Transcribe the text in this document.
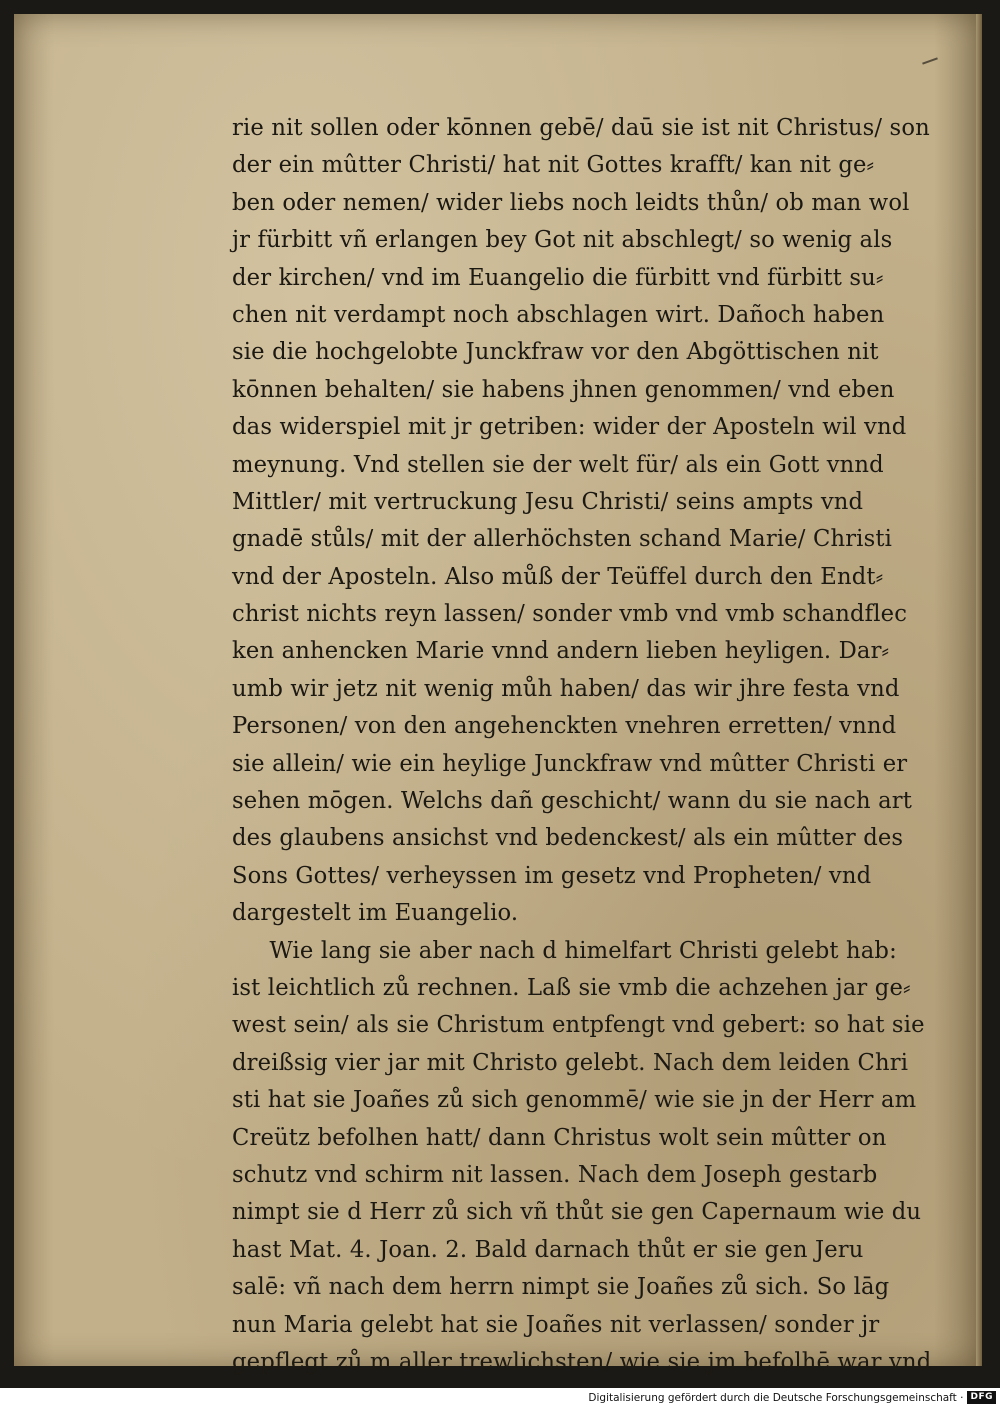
rie nit sollen oder kōnnen gebē/ daū sie ist nit Christus/ son
der ein mûtter Christi/ hat nit Gottes krafft/ kan nit ge⸗
ben oder nemen/ wider liebs noch leidts thůn/ ob man wol
jr fürbitt vñ erlangen bey Got nit abschlegt/ so wenig als
der kirchen/ vnd im Euangelio die fürbitt vnd fürbitt su⸗
chen nit verdampt noch abschlagen wirt. Dañoch haben
sie die hochgelobte Junckfraw vor den Abgöttischen nit
kōnnen behalten/ sie habens jhnen genommen/ vnd eben
das widerspiel mit jr getriben: wider der Aposteln wil vnd
meynung. Vnd stellen sie der welt für/ als ein Gott vnnd
Mittler/ mit vertruckung Jesu Christi/ seins ampts vnd
gnadē stůls/ mit der allerhöchsten schand Marie/ Christi
vnd der Aposteln. Also můß der Teüffel durch den Endt⸗
christ nichts reyn lassen/ sonder vmb vnd vmb schandflec
ken anhencken Marie vnnd andern lieben heyligen. Dar⸗
umb wir jetz nit wenig můh haben/ das wir jhre festa vnd
Personen/ von den angehenckten vnehren erretten/ vnnd
sie allein/ wie ein heylige Junckfraw vnd mûtter Christi er
sehen mōgen. Welchs dañ geschicht/ wann du sie nach art
des glaubens ansichst vnd bedenckest/ als ein mûtter des
Sons Gottes/ verheyssen im gesetz vnd Propheten/ vnd
dargestelt im Euangelio.
Wie lang sie aber nach d himelfart Christi gelebt hab:
ist leichtlich zů rechnen. Laß sie vmb die achzehen jar ge⸗
west sein/ als sie Christum entpfengt vnd gebert: so hat sie
dreißsig vier jar mit Christo gelebt. Nach dem leiden Chri
sti hat sie Joañes zů sich genommē/ wie sie jn der Herr am
Creütz befolhen hatt/ dann Christus wolt sein mûtter on
schutz vnd schirm nit lassen. Nach dem Joseph gestarb
nimpt sie d Herr zů sich vñ thůt sie gen Capernaum wie du
hast Mat. 4. Joan. 2. Bald darnach thůt er sie gen Jeru
salē: vñ nach dem herrn nimpt sie Joañes zů sich. So lāg
nun Maria gelebt hat sie Joañes nit verlassen/ sonder jr
gepflegt zů m aller trewlichsten/ wie sie jm befolhē war vnd
Digitalisierung gefördert durch die Deutsche Forschungsgemeinschaft · DFG
